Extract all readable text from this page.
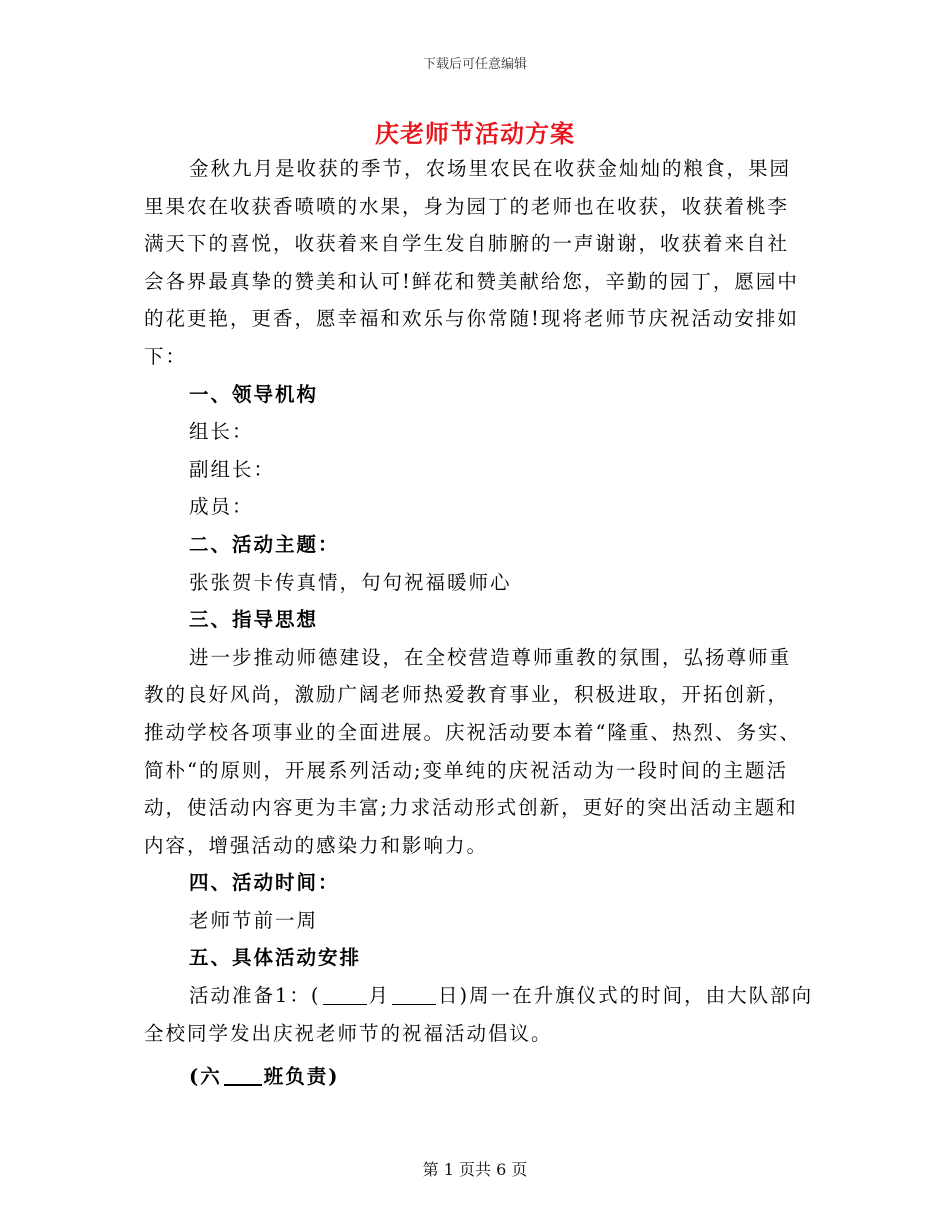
下载后可任意编辑
庆老师节活动方案
金秋九月是收获的季节，农场里农民在收获金灿灿的粮食，果园
里果农在收获香喷喷的水果，身为园丁的老师也在收获，收获着桃李
满天下的喜悦，收获着来自学生发自肺腑的一声谢谢，收获着来自社
会各界最真挚的赞美和认可!鲜花和赞美献给您，辛勤的园丁，愿园中
的花更艳，更香，愿幸福和欢乐与你常随!现将老师节庆祝活动安排如
下：
一、领导机构
组长：
副组长：
成员：
二、活动主题：
张张贺卡传真情，句句祝福暖师心
三、指导思想
进一步推动师德建设，在全校营造尊师重教的氛围，弘扬尊师重
教的良好风尚，激励广阔老师热爱教育事业，积极进取，开拓创新，
推动学校各项事业的全面进展。庆祝活动要本着“隆重、热烈、务实、
简朴“的原则，开展系列活动;变单纯的庆祝活动为一段时间的主题活
动，使活动内容更为丰富;力求活动形式创新，更好的突出活动主题和
内容，增强活动的感染力和影响力。
四、活动时间：
老师节前一周
五、具体活动安排
活动准备1：( 月 日)周一在升旗仪式的时间，由大队部向
全校同学发出庆祝老师节的祝福活动倡议。
(六 班负责)
第 1 页共 6 页
